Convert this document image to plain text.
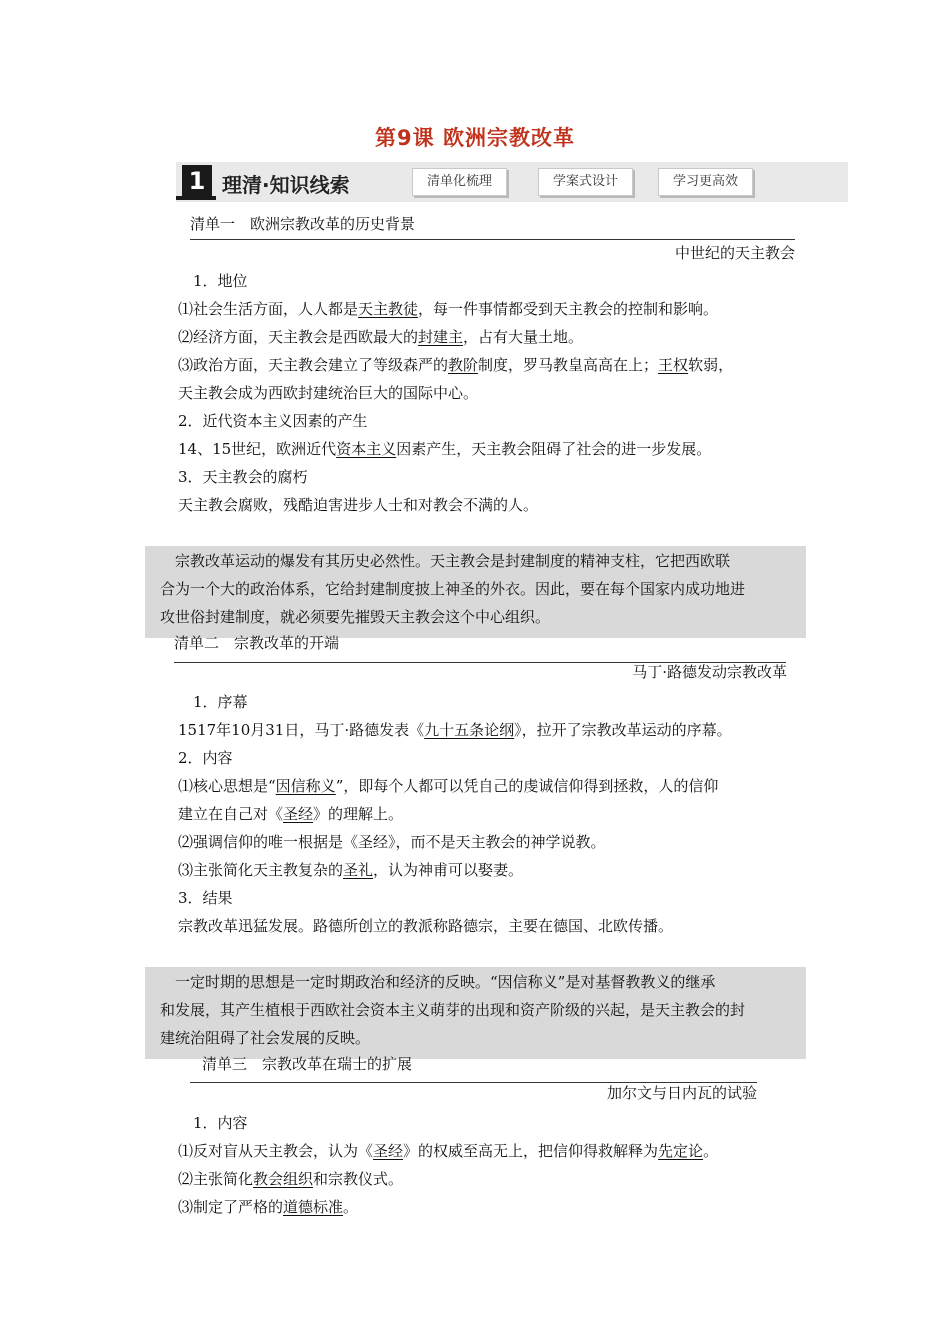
第9课 欧洲宗教改革
1 理清·知识线索	清单化梳理	学案式设计	学习更高效
清单一　欧洲宗教改革的历史背景
中世纪的天主教会
　1．地位
⑴社会生活方面，人人都是天主教徒，每一件事情都受到天主教会的控制和影响。
⑵经济方面，天主教会是西欧最大的封建主，占有大量土地。
⑶政治方面，天主教会建立了等级森严的教阶制度，罗马教皇高高在上；王权软弱，
天主教会成为西欧封建统治巨大的国际中心。
2．近代资本主义因素的产生
14、15世纪，欧洲近代资本主义因素产生，天主教会阻碍了社会的进一步发展。
3．天主教会的腐朽
天主教会腐败，残酷迫害进步人士和对教会不满的人。
　宗教改革运动的爆发有其历史必然性。天主教会是封建制度的精神支柱，它把西欧联
合为一个大的政治体系，它给封建制度披上神圣的外衣。因此，要在每个国家内成功地进
攻世俗封建制度，就必须要先摧毁天主教会这个中心组织。
清单二　宗教改革的开端
马丁·路德发动宗教改革
　1．序幕
1517年10月31日，马丁·路德发表《九十五条论纲》，拉开了宗教改革运动的序幕。
2．内容
⑴核心思想是“因信称义”，即每个人都可以凭自己的虔诚信仰得到拯救，人的信仰
建立在自己对《圣经》的理解上。
⑵强调信仰的唯一根据是《圣经》，而不是天主教会的神学说教。
⑶主张简化天主教复杂的圣礼，认为神甫可以娶妻。
3．结果
宗教改革迅猛发展。路德所创立的教派称路德宗，主要在德国、北欧传播。
　一定时期的思想是一定时期政治和经济的反映。“因信称义”是对基督教教义的继承
和发展，其产生植根于西欧社会资本主义萌芽的出现和资产阶级的兴起，是天主教会的封
建统治阻碍了社会发展的反映。
清单三　宗教改革在瑞士的扩展
加尔文与日内瓦的试验
　1．内容
⑴反对盲从天主教会，认为《圣经》的权威至高无上，把信仰得救解释为先定论。
⑵主张简化教会组织和宗教仪式。
⑶制定了严格的道德标准。
